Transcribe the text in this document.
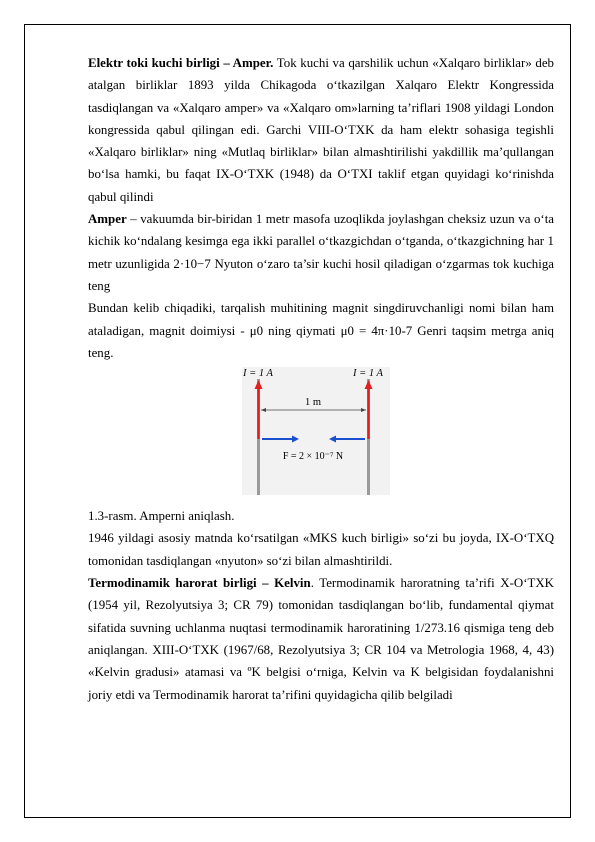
Elektr toki kuchi birligi – Amper. Tok kuchi va qarshilik uchun «Xalqaro birliklar» deb atalgan birliklar 1893 yilda Chikagoda o‘tkazilgan Xalqaro Elektr Kongressida tasdiqlangan va «Xalqaro amper» va «Xalqaro om»larning ta’riflari 1908 yildagi London kongressida qabul qilingan edi. Garchi VIII-O‘TXK da ham elektr sohasiga tegishli «Xalqaro birliklar» ning «Mutlaq birliklar» bilan almashtirilishi yakdillik ma’qullangan bo‘lsa hamki, bu faqat IX-O‘TXK (1948) da O‘TXI taklif etgan quyidagi ko‘rinishda qabul qilindi

Amper – vakuumda bir-biridan 1 metr masofa uzoqlikda joylashgan cheksiz uzun va o‘ta kichik ko‘ndalang kesimga ega ikki parallel o‘tkazgichdan o‘tganda, o‘tkazgichning har 1 metr uzunligida 2·10−7 Nyuton o‘zaro ta’sir kuchi hosil qiladigan o‘zgarmas tok kuchiga teng

Bundan kelib chiqadiki, tarqalish muhitining magnit singdiruvchanligi nomi bilan ham ataladigan, magnit doimiysi - μ0 ning qiymati μ0 = 4π·10-7 Genri taqsim metrga aniq teng.

1 m
F = 2 × 10⁻⁷ N
I = 1 A	I = 1 A

1.3-rasm. Amperni aniqlash.

1946 yildagi asosiy matnda ko‘rsatilgan «MKS kuch birligi» so‘zi bu joyda, IX-O‘TXQ tomonidan tasdiqlangan «nyuton» so‘zi bilan almashtirildi.

Termodinamik harorat birligi – Kelvin. Termodinamik haroratning ta’rifi X-O‘TXK (1954 yil, Rezolyutsiya 3; CR 79) tomonidan tasdiqlangan bo‘lib, fundamental qiymat sifatida suvning uchlanma nuqtasi termodinamik haroratining 1/273.16 qismiga teng deb aniqlangan. XIII-O‘TXK (1967/68, Rezolyutsiya 3; CR 104 va Metrologia 1968, 4, 43) «Kelvin gradusi» atamasi va ºK belgisi o‘rniga, Kelvin va K belgisidan foydalanishni joriy etdi va Termodinamik harorat ta’rifini quyidagicha qilib belgiladi
